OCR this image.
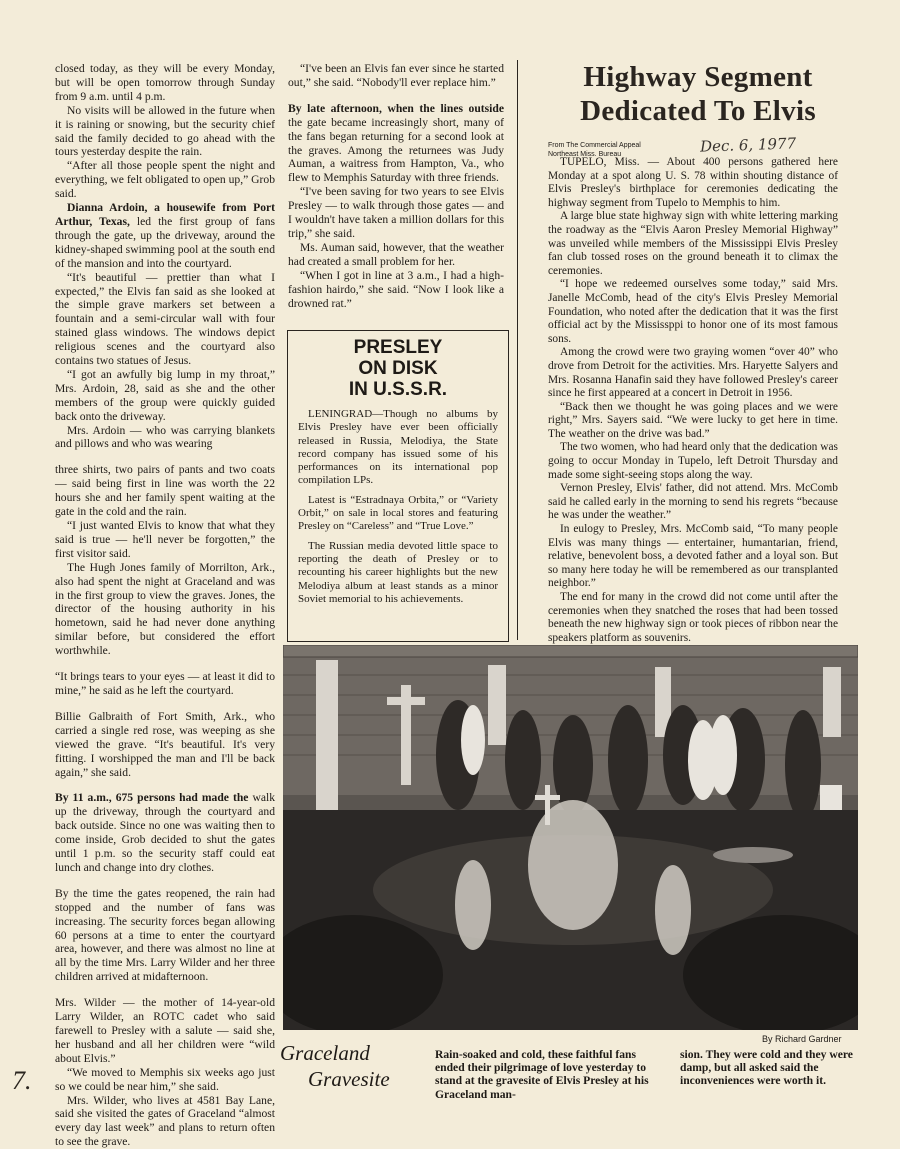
closed today, as they will be every Monday, but will be open tomorrow through Sunday from 9 a.m. until 4 p.m.

No visits will be allowed in the future when it is raining or snowing, but the security chief said the family decided to go ahead with the tours yesterday despite the rain.

“After all those people spent the night and everything, we felt obligated to open up,” Grob said.

Dianna Ardoin, a housewife from Port Arthur, Texas, led the first group of fans through the gate, up the driveway, around the kidney-shaped swimming pool at the south end of the mansion and into the courtyard.

“It's beautiful — prettier than what I expected,” the Elvis fan said as she looked at the simple grave markers set between a fountain and a semi-circular wall with four stained glass windows. The windows depict religious scenes and the courtyard also contains two statues of Jesus.

“I got an awfully big lump in my throat,” Mrs. Ardoin, 28, said as she and the other members of the group were quickly guided back onto the driveway.

Mrs. Ardoin — who was carrying blankets and pillows and who was wearing

three shirts, two pairs of pants and two coats — said being first in line was worth the 22 hours she and her family spent waiting at the gate in the cold and the rain.

“I just wanted Elvis to know that what they said is true — he'll never be forgotten,” the first visitor said.

The Hugh Jones family of Morrilton, Ark., also had spent the night at Graceland and was in the first group to view the graves. Jones, the director of the housing authority in his hometown, said he had never done anything similar before, but considered the effort worthwhile.

“It brings tears to your eyes — at least it did to mine,” he said as he left the courtyard.

Billie Galbraith of Fort Smith, Ark., who carried a single red rose, was weeping as she viewed the grave. “It's beautiful. It's very fitting. I worshipped the man and I'll be back again,” she said.

By 11 a.m., 675 persons had made the walk up the driveway, through the courtyard and back outside. Since no one was waiting then to come inside, Grob decided to shut the gates until 1 p.m. so the security staff could eat lunch and change into dry clothes.

By the time the gates reopened, the rain had stopped and the number of fans was increasing. The security forces began allowing 60 persons at a time to enter the courtyard area, however, and there was almost no line at all by the time Mrs. Larry Wilder and her three children arrived at midafternoon.

Mrs. Wilder — the mother of 14-year-old Larry Wilder, an ROTC cadet who said farewell to Presley with a salute — said she, her husband and all her children were “wild about Elvis.”

“We moved to Memphis six weeks ago just so we could be near him,” she said.

Mrs. Wilder, who lives at 4581 Bay Lane, said she visited the gates of Graceland “almost every day last week” and plans to return often to see the grave.

“I've been an Elvis fan ever since he started out,” she said. “Nobody'll ever replace him.”

By late afternoon, when the lines outside the gate became increasingly short, many of the fans began returning for a second look at the graves. Among the returnees was Judy Auman, a waitress from Hampton, Va., who flew to Memphis Saturday with three friends.

“I've been saving for two years to see Elvis Presley — to walk through those gates — and I wouldn't have taken a million dollars for this trip,” she said.

Ms. Auman said, however, that the weather had created a small problem for her.

“When I got in line at 3 a.m., I had a high-fashion hairdo,” she said. “Now I look like a drowned rat.”

PRESLEY
ON DISK
IN U.S.S.R.

LENINGRAD—Though no albums by Elvis Presley have ever been officially released in Russia, Melodiya, the State record company has issued some of his performances on its international pop compilation LPs.

Latest is “Estradnaya Orbita,” or “Variety Orbit,” on sale in local stores and featuring Presley on “Careless” and “True Love.”

The Russian media devoted little space to reporting the death of Presley or to recounting his career highlights but the new Melodiya album at least stands as a minor Soviet memorial to his achievements.

Highway Segment
Dedicated To Elvis
From The Commercial Appeal
Northeast Miss. Bureau	Dec. 6, 1977

TUPELO, Miss. — About 400 persons gathered here Monday at a spot along U. S. 78 within shouting distance of Elvis Presley's birthplace for ceremonies dedicating the highway segment from Tupelo to Memphis to him.

A large blue state highway sign with white lettering marking the roadway as the “Elvis Aaron Presley Memorial Highway” was unveiled while members of the Mississippi Elvis Presley fan club tossed roses on the ground beneath it to climax the ceremonies.

“I hope we redeemed ourselves some today,” said Mrs. Janelle McComb, head of the city's Elvis Presley Memorial Foundation, who noted after the dedication that it was the first official act by the Mississppi to honor one of its most famous sons.

Among the crowd were two graying women “over 40” who drove from Detroit for the activities. Mrs. Haryette Salyers and Mrs. Rosanna Hanafin said they have followed Presley's career since he first appeared at a concert in Detroit in 1956.

“Back then we thought he was going places and we were right,” Mrs. Sayers said. “We were lucky to get here in time. The weather on the drive was bad.”

The two women, who had heard only that the dedication was going to occur Monday in Tupelo, left Detroit Thursday and made some sight-seeing stops along the way.

Vernon Presley, Elvis' father, did not attend. Mrs. McComb said he called early in the morning to send his regrets “because he was under the weather.”

In eulogy to Presley, Mrs. McComb said, “To many people Elvis was many things — entertainer, humantarian, friend, relative, benevolent boss, a devoted father and a loyal son. But so many here today he will be remembered as our transplanted neighbor.”

The end for many in the crowd did not come until after the ceremonies when they snatched the roses that had been tossed beneath the new highway sign or took pieces of ribbon near the speakers platform as souvenirs.

By Richard Gardner
Graceland
Gravesite
Rain-soaked and cold, these faithful fans ended their pilgrimage of love yesterday to stand at the gravesite of Elvis Presley at his Graceland man-
sion. They were cold and they were damp, but all asked said the inconveniences were worth it.
7.
